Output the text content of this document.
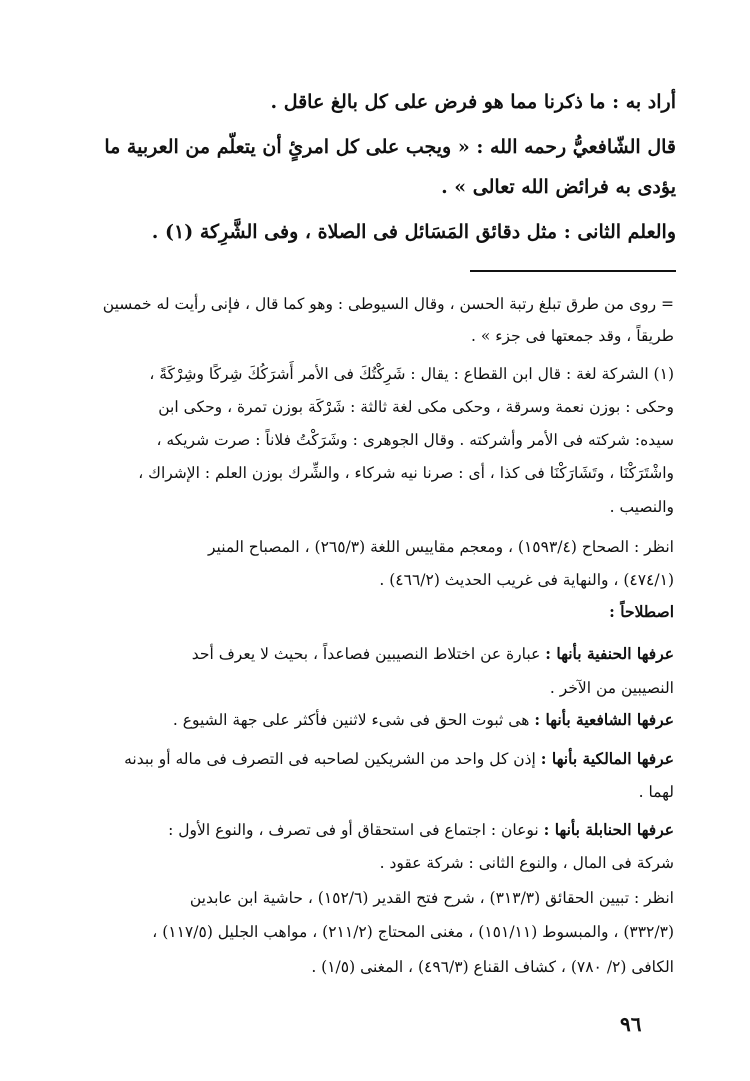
أراد به : ما ذكرنا مما هو فرض على كل بالغ عاقل .
قال الشّافعيُّ رحمه الله : « ويجب على كل امرئٍ أن يتعلّم من العربية ما
يؤدى به فرائض الله تعالى » .
والعلم الثانى : مثل دقائق المَسَائل فى الصلاة ، وفى الشَّرِكة (١) .
= روى من طرق تبلغ رتبة الحسن ، وقال السيوطى : وهو كما قال ، فإنى رأيت له خمسين
طريقاً ، وقد جمعتها فى جزء » .
(١) الشركة لغة : قال ابن القطاع : يقال : شَرِكْتُكَ فى الأمر أَشرَكُكَ شِركًا وشِرْكَةً ،
وحكى : بوزن نعمة وسرقة ، وحكى مكى لغة ثالثة : شَرْكَة بوزن تمرة ، وحكى ابن
سيده: شركته فى الأمر وأشركته . وقال الجوهرى : وشَرَكْتُ فلاناً : صرت شريكه ،
واشْتَرَكْنَا ، وتَشَارَكْنَا فى كذا ، أى : صرنا نيه شركاء ، والشِّرك بوزن العلم : الإشراك ،
والنصيب .
انظر : الصحاح (١٥٩٣/٤) ، ومعجم مقاييس اللغة (٢٦٥/٣) ، المصباح المنير
(٤٧٤/١) ، والنهاية فى غريب الحديث (٤٦٦/٢) .
اصطلاحاً :
عرفها الحنفية بأنها : عبارة عن اختلاط النصيبين فصاعداً ، بحيث لا يعرف أحد
النصيبين من الآخر .
عرفها الشافعية بأنها : هى ثبوت الحق فى شىء لاثنين فأكثر على جهة الشيوع .
عرفها المالكية بأنها : إذن كل واحد من الشريكين لصاحبه فى التصرف فى ماله أو ببدنه
لهما .
عرفها الحنابلة بأنها : نوعان : اجتماع فى استحقاق أو فى تصرف ، والنوع الأول :
شركة فى المال ، والنوع الثانى : شركة عقود .
انظر : تبيين الحقائق (٣١٣/٣) ، شرح فتح القدير (١٥٢/٦) ، حاشية ابن عابدين
(٣٣٢/٣) ، والمبسوط (١٥١/١١) ، مغنى المحتاج (٢١١/٢) ، مواهب الجليل (١١٧/٥) ،
الكافى (٢/ ٧٨٠) ، كشاف القناع (٤٩٦/٣) ، المغنى (١/٥) .
٩٦
